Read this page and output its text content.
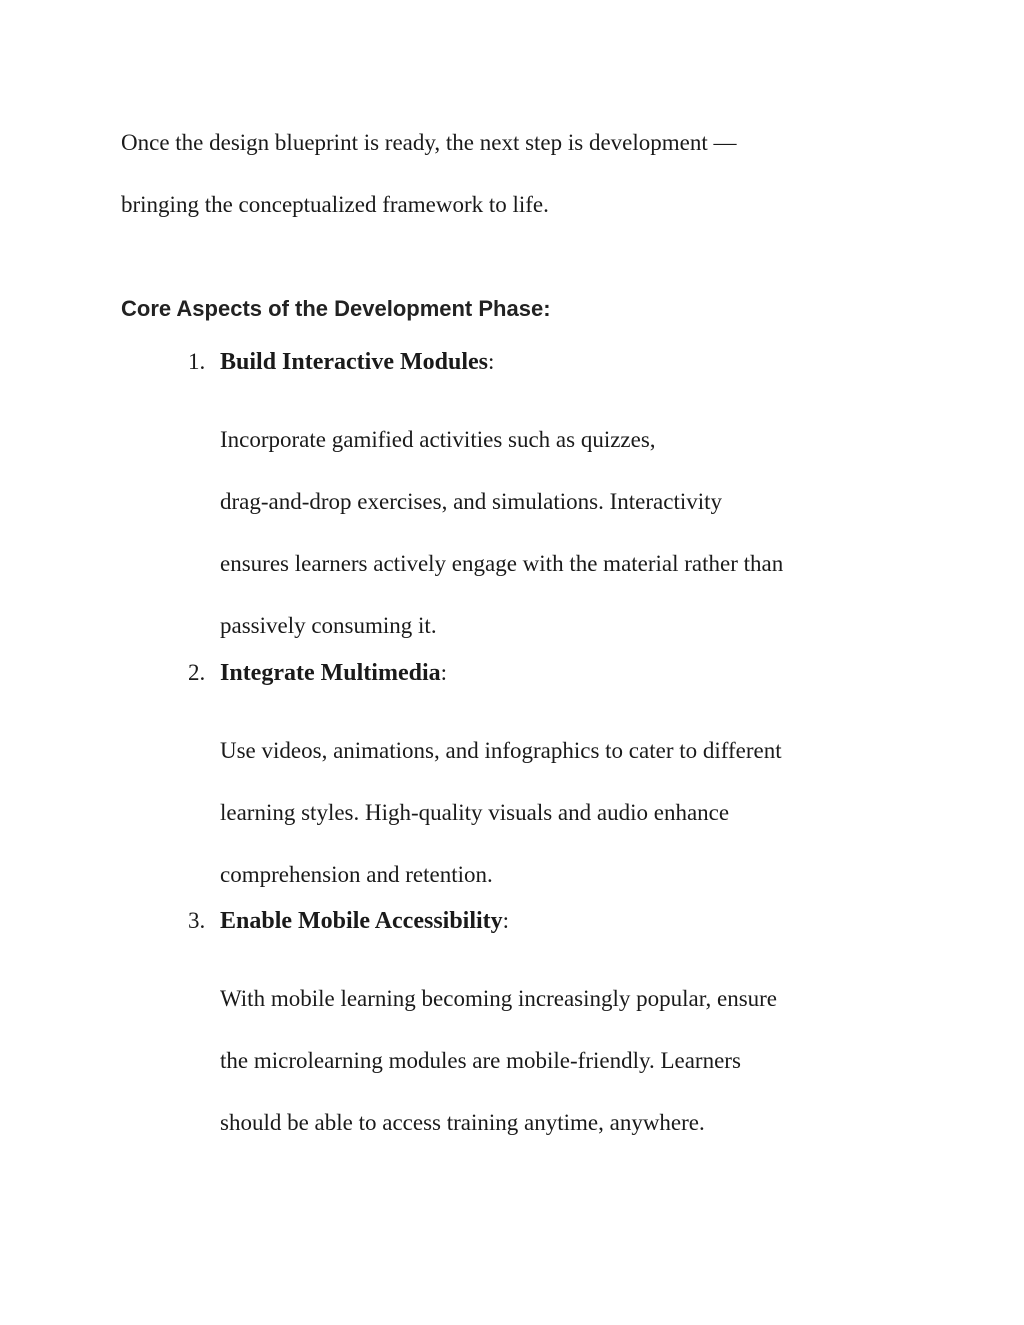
Once the design blueprint is ready, the next step is development —
bringing the conceptualized framework to life.

Core Aspects of the Development Phase:
1. Build Interactive Modules :

Incorporate gamified activities such as quizzes,
drag-and-drop exercises, and simulations. Interactivity
ensures learners actively engage with the material rather than
passively consuming it.

2. Integrate Multimedia :

Use videos, animations, and infographics to cater to different
learning styles. High-quality visuals and audio enhance
comprehension and retention.

3. Enable Mobile Accessibility :

With mobile learning becoming increasingly popular, ensure
the microlearning modules are mobile-friendly. Learners
should be able to access training anytime, anywhere.
